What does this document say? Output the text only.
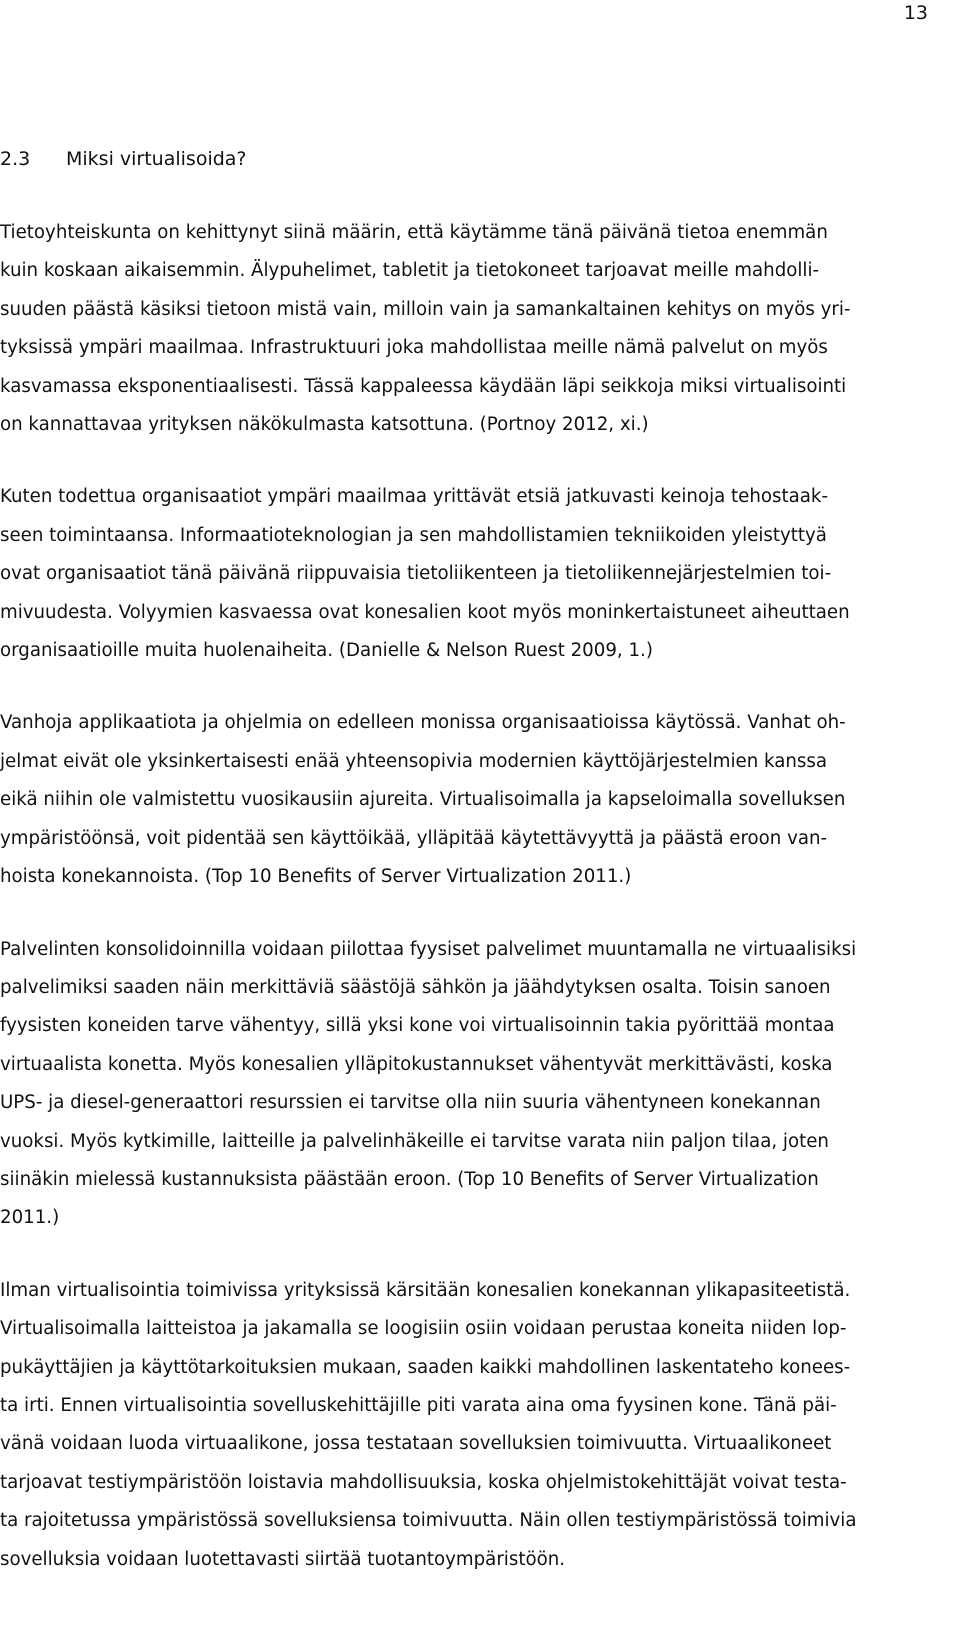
13
2.3 Miksi virtualisoida?

Tietoyhteiskunta on kehittynyt siinä määrin, että käytämme tänä päivänä tietoa enemmän
kuin koskaan aikaisemmin. Älypuhelimet, tabletit ja tietokoneet tarjoavat meille mahdolli-
suuden päästä käsiksi tietoon mistä vain, milloin vain ja samankaltainen kehitys on myös yri-
tyksissä ympäri maailmaa. Infrastruktuuri joka mahdollistaa meille nämä palvelut on myös
kasvamassa eksponentiaalisesti. Tässä kappaleessa käydään läpi seikkoja miksi virtualisointi
on kannattavaa yrityksen näkökulmasta katsottuna. (Portnoy 2012, xi.)

Kuten todettua organisaatiot ympäri maailmaa yrittävät etsiä jatkuvasti keinoja tehostaak-
seen toimintaansa. Informaatioteknologian ja sen mahdollistamien tekniikoiden yleistyttyä
ovat organisaatiot tänä päivänä riippuvaisia tietoliikenteen ja tietoliikennejärjestelmien toi-
mivuudesta. Volyymien kasvaessa ovat konesalien koot myös moninkertaistuneet aiheuttaen
organisaatioille muita huolenaiheita. (Danielle & Nelson Ruest 2009, 1.)

Vanhoja applikaatiota ja ohjelmia on edelleen monissa organisaatioissa käytössä. Vanhat oh-
jelmat eivät ole yksinkertaisesti enää yhteensopivia modernien käyttöjärjestelmien kanssa
eikä niihin ole valmistettu vuosikausiin ajureita. Virtualisoimalla ja kapseloimalla sovelluksen
ympäristöönsä, voit pidentää sen käyttöikää, ylläpitää käytettävyyttä ja päästä eroon van-
hoista konekannoista. (Top 10 Benefits of Server Virtualization 2011.)

Palvelinten konsolidoinnilla voidaan piilottaa fyysiset palvelimet muuntamalla ne virtuaalisiksi
palvelimiksi saaden näin merkittäviä säästöjä sähkön ja jäähdytyksen osalta. Toisin sanoen
fyysisten koneiden tarve vähentyy, sillä yksi kone voi virtualisoinnin takia pyörittää montaa
virtuaalista konetta. Myös konesalien ylläpitokustannukset vähentyvät merkittävästi, koska
UPS- ja diesel-generaattori resurssien ei tarvitse olla niin suuria vähentyneen konekannan
vuoksi. Myös kytkimille, laitteille ja palvelinhäkeille ei tarvitse varata niin paljon tilaa, joten
siinäkin mielessä kustannuksista päästään eroon. (Top 10 Benefits of Server Virtualization
2011.)

Ilman virtualisointia toimivissa yrityksissä kärsitään konesalien konekannan ylikapasiteetistä.
Virtualisoimalla laitteistoa ja jakamalla se loogisiin osiin voidaan perustaa koneita niiden lop-
pukäyttäjien ja käyttötarkoituksien mukaan, saaden kaikki mahdollinen laskentateho konees-
ta irti. Ennen virtualisointia sovelluskehittäjille piti varata aina oma fyysinen kone. Tänä päi-
vänä voidaan luoda virtuaalikone, jossa testataan sovelluksien toimivuutta. Virtuaalikoneet
tarjoavat testiympäristöön loistavia mahdollisuuksia, koska ohjelmistokehittäjät voivat testa-
ta rajoitetussa ympäristössä sovelluksiensa toimivuutta. Näin ollen testiympäristössä toimivia
sovelluksia voidaan luotettavasti siirtää tuotantoympäristöön.
